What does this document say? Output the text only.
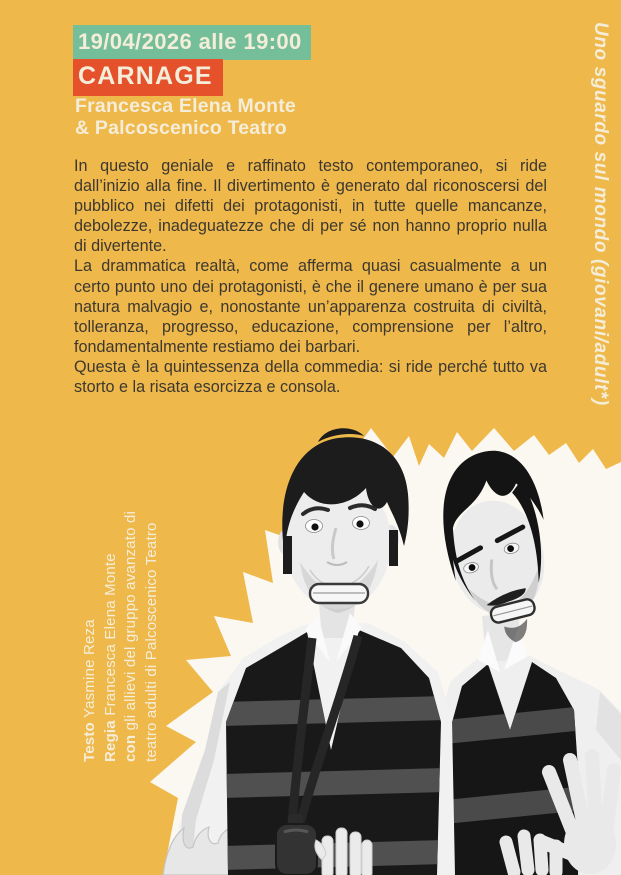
19/04/2026 alle 19:00
CARNAGE
Francesca Elena Monte
& Palcoscenico Teatro

In questo geniale e raffinato testo contemporaneo, si ride dall’inizio alla fine. Il divertimento è generato dal riconoscersi del pubblico nei difetti dei protagonisti, in tutte quelle mancanze, debolezze, inadeguatezze che di per sé non hanno proprio nulla di divertente.

La drammatica realtà, come afferma quasi casualmente a un certo punto uno dei protagonisti, è che il genere umano è per sua natura malvagio e, nonostante un’apparenza costruita di civiltà, tolleranza, progresso, educazione, comprensione per l’altro, fondamentalmente restiamo dei barbari.

Questa è la quintessenza della commedia: si ride perché tutto va storto e la risata esorcizza e consola.	Uno sguardo sul mondo (giovani/adult*)
Testo Yasmine Reza
Regia Francesca Elena Monte
con gli allievi del gruppo avanzato di teatro adulti di Palcoscenico Teatro
